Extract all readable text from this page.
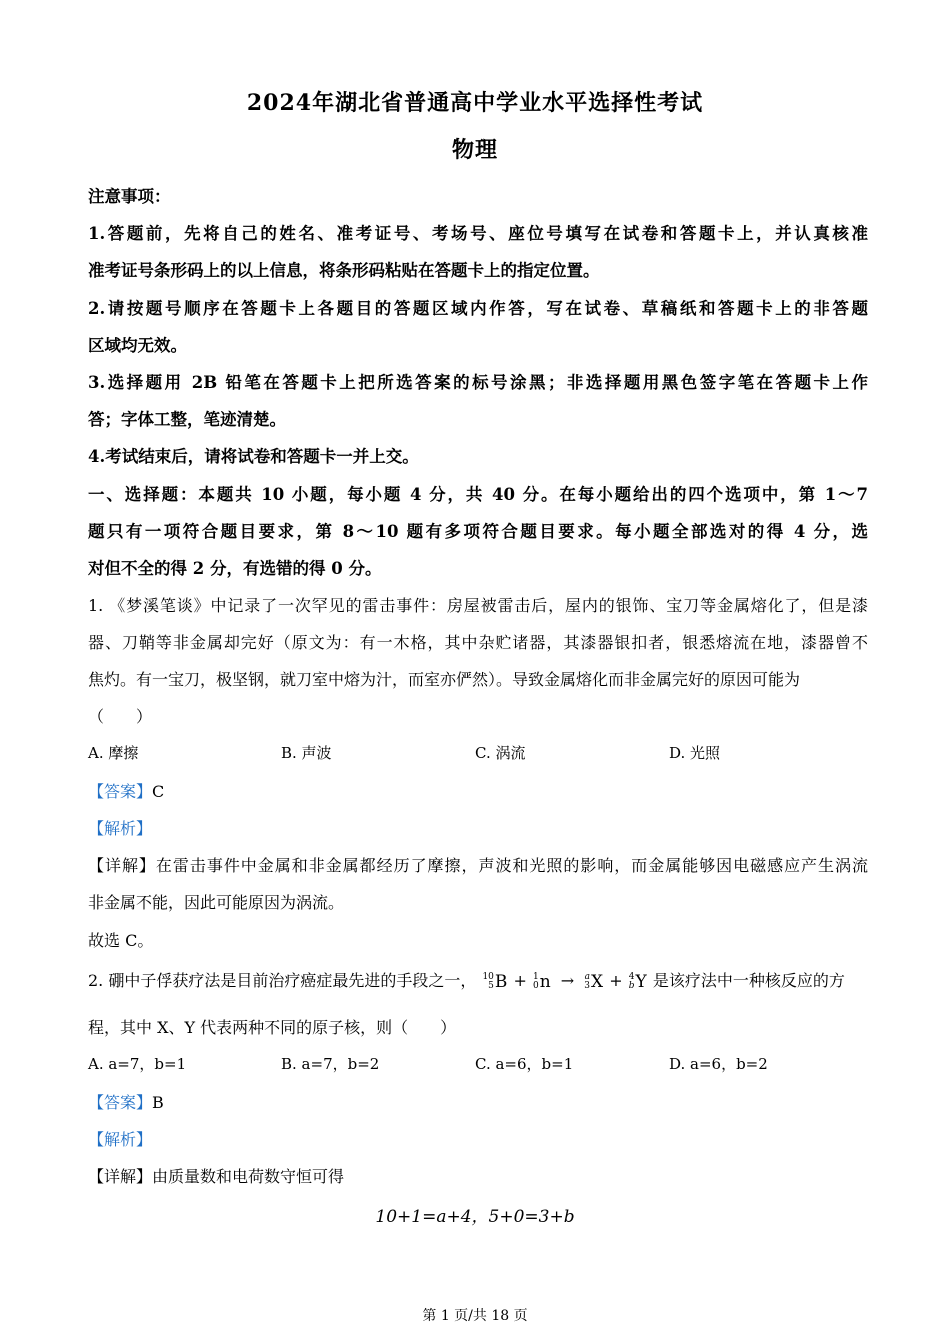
2024年湖北省普通高中学业水平选择性考试
物理
注意事项：
1.答题前，先将自己的姓名、准考证号、考场号、座位号填写在试卷和答题卡上，并认真核准
准考证号条形码上的以上信息，将条形码粘贴在答题卡上的指定位置。
2.请按题号顺序在答题卡上各题目的答题区域内作答，写在试卷、草稿纸和答题卡上的非答题
区域均无效。
3.选择题用 2B 铅笔在答题卡上把所选答案的标号涂黑；非选择题用黑色签字笔在答题卡上作
答；字体工整，笔迹清楚。
4.考试结束后，请将试卷和答题卡一并上交。
一、选择题：本题共 10 小题，每小题 4 分，共 40 分。在每小题给出的四个选项中，第 1～7
题只有一项符合题目要求，第 8～10 题有多项符合题目要求。每小题全部选对的得 4 分，选
对但不全的得 2 分，有选错的得 0 分。
1. 《梦溪笔谈》中记录了一次罕见的雷击事件：房屋被雷击后，屋内的银饰、宝刀等金属熔化了，但是漆
器、刀鞘等非金属却完好（原文为：有一木格，其中杂贮诸器，其漆器银扣者，银悉熔流在地，漆器曾不
焦灼。有一宝刀，极坚钢，就刀室中熔为汁，而室亦俨然）。导致金属熔化而非金属完好的原因可能为
（　　）
A. 摩擦	B. 声波	C. 涡流	D. 光照
【答案】C
【解析】
【详解】在雷击事件中金属和非金属都经历了摩擦，声波和光照的影响，而金属能够因电磁感应产生涡流
非金属不能，因此可能原因为涡流。
故选 C。
2. 硼中子俘获疗法是目前治疗癌症最先进的手段之一， 10
5 B + 1
0 n → a
3 X + 4
b Y 是该疗法中一种核反应的方
程，其中 X、Y 代表两种不同的原子核，则（　　）
A. a=7，b=1	B. a=7，b=2	C. a=6，b=1	D. a=6，b=2
【答案】B
【解析】
【详解】由质量数和电荷数守恒可得
10+1=a+4，5+0=3+b
第 1 页/共 18 页
